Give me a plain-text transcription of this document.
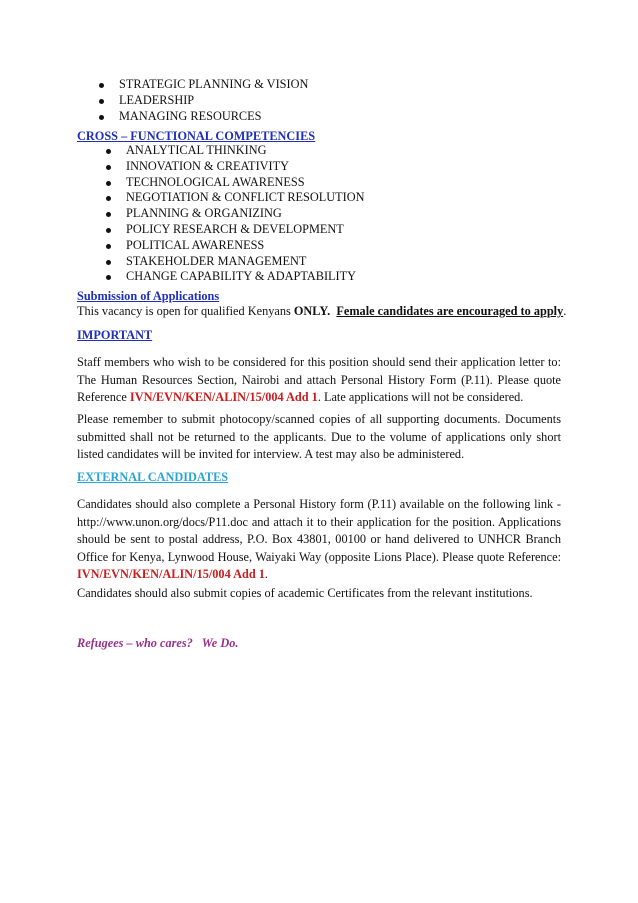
STRATEGIC PLANNING & VISION
LEADERSHIP
MANAGING RESOURCES
CROSS – FUNCTIONAL COMPETENCIES
ANALYTICAL THINKING
INNOVATION & CREATIVITY
TECHNOLOGICAL AWARENESS
NEGOTIATION & CONFLICT RESOLUTION
PLANNING & ORGANIZING
POLICY RESEARCH & DEVELOPMENT
POLITICAL AWARENESS
STAKEHOLDER MANAGEMENT
CHANGE CAPABILITY & ADAPTABILITY
Submission of Applications
This vacancy is open for qualified Kenyans ONLY. Female candidates are encouraged to apply.
IMPORTANT

Staff members who wish to be considered for this position should send their application letter to: The Human Resources Section, Nairobi and attach Personal History Form (P.11). Please quote Reference IVN/EVN/KEN/ALIN/15/004 Add 1. Late applications will not be considered.

Please remember to submit photocopy/scanned copies of all supporting documents. Documents submitted shall not be returned to the applicants. Due to the volume of applications only short listed candidates will be invited for interview. A test may also be administered.

EXTERNAL CANDIDATES

Candidates should also complete a Personal History form (P.11) available on the following link - http://www.unon.org/docs/P11.doc and attach it to their application for the position. Applications should be sent to postal address, P.O. Box 43801, 00100 or hand delivered to UNHCR Branch Office for Kenya, Lynwood House, Waiyaki Way (opposite Lions Place). Please quote Reference: IVN/EVN/KEN/ALIN/15/004 Add 1.

Candidates should also submit copies of academic Certificates from the relevant institutions.

Refugees – who cares?   We Do.
